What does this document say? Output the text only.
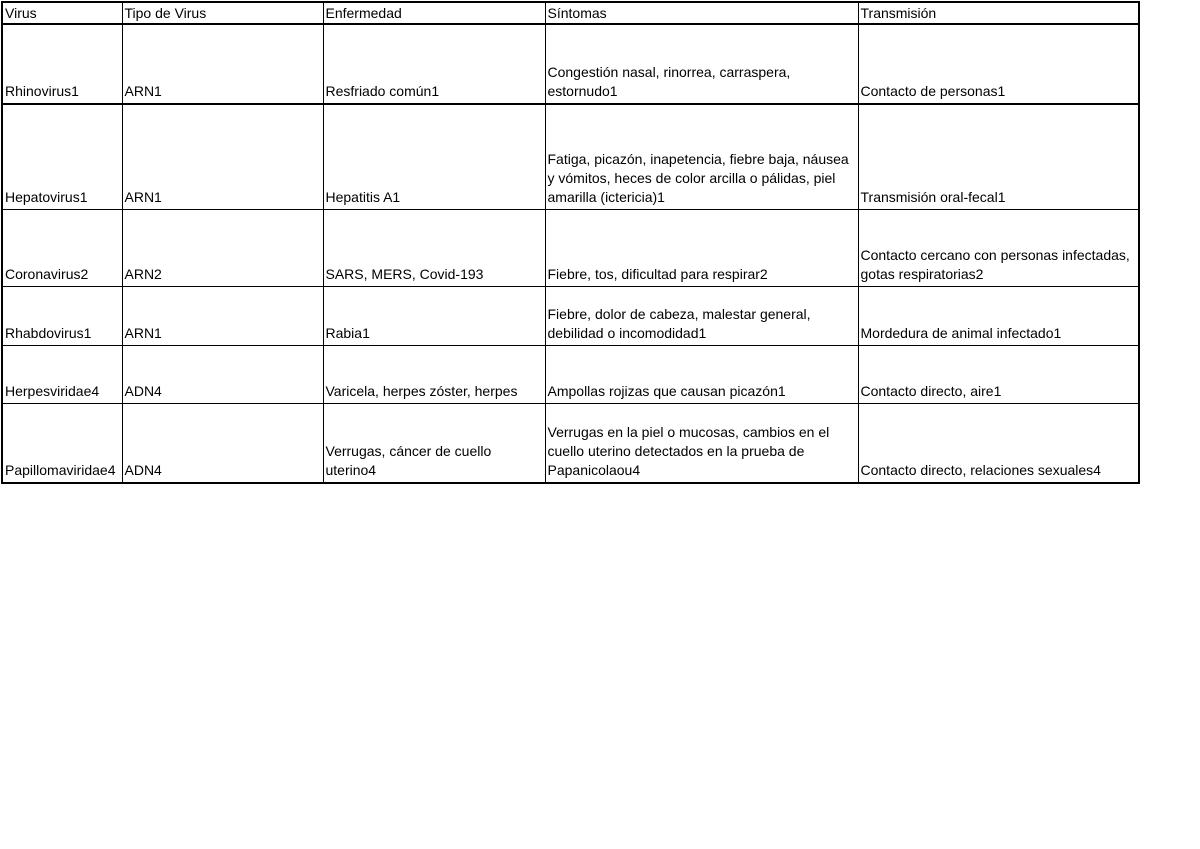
Virus	Tipo de Virus	Enfermedad	Síntomas	Transmisión
Rhinovirus1	ARN1	Resfriado común1	Congestión nasal, rinorrea, carraspera, estornudo1	Contacto de personas1
Hepatovirus1	ARN1	Hepatitis A1	Fatiga, picazón, inapetencia, fiebre baja, náusea y vómitos, heces de color arcilla o pálidas, piel amarilla (ictericia)1	Transmisión oral-fecal1
Coronavirus2	ARN2	SARS, MERS, Covid-193	Fiebre, tos, dificultad para respirar2	Contacto cercano con personas infectadas, gotas respiratorias2
Rhabdovirus1	ARN1	Rabia1	Fiebre, dolor de cabeza, malestar general, debilidad o incomodidad1	Mordedura de animal infectado1
Herpesviridae4	ADN4	Varicela, herpes zóster, herpes	Ampollas rojizas que causan picazón1	Contacto directo, aire1
Papillomaviridae4	ADN4	Verrugas, cáncer de cuello uterino4	Verrugas en la piel o mucosas, cambios en el cuello uterino detectados en la prueba de Papanicolaou4	Contacto directo, relaciones sexuales4
